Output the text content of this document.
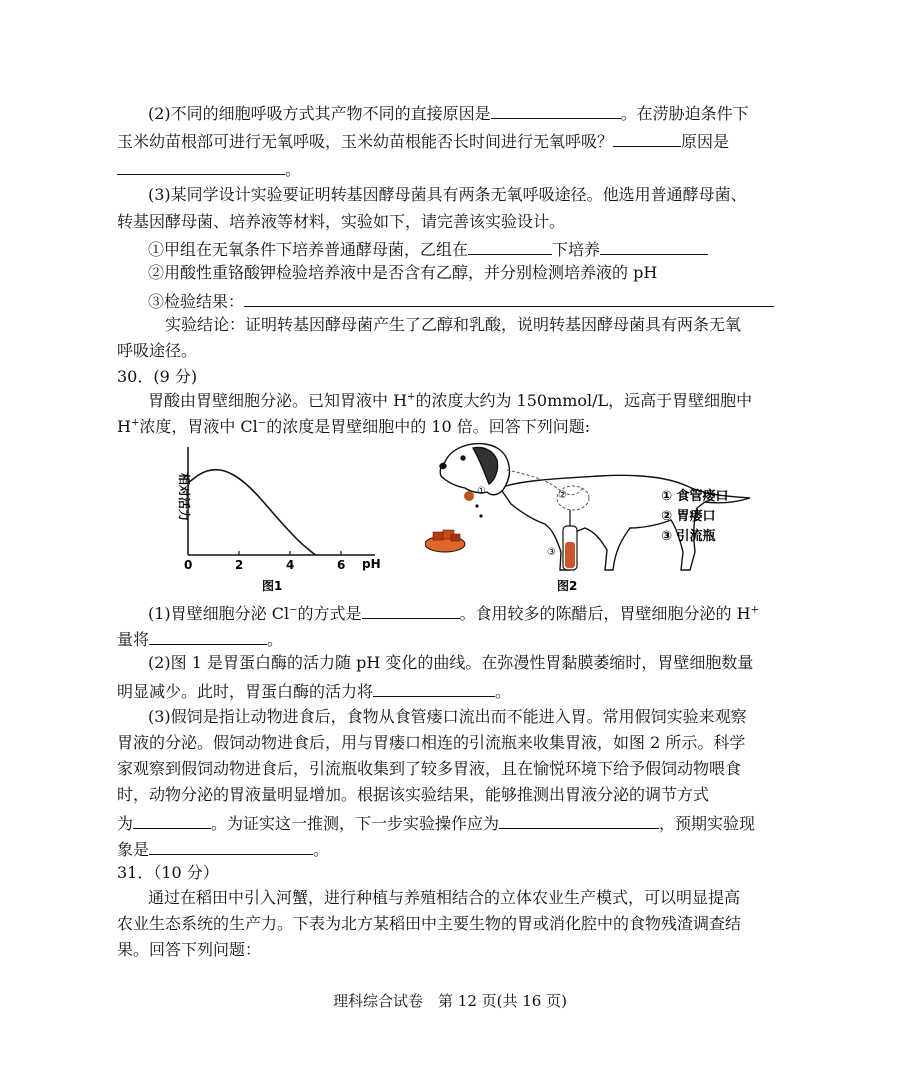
(2)不同的细胞呼吸方式其产物不同的直接原因是	。在涝胁迫条件下
玉米幼苗根部可进行无氧呼吸，玉米幼苗根能否长时间进行无氧呼吸？	原因是
。
(3)某同学设计实验要证明转基因酵母菌具有两条无氧呼吸途径。他选用普通酵母菌、
转基因酵母菌、培养液等材料，实验如下，请完善该实验设计。
①甲组在无氧条件下培养普通酵母菌，乙组在	下培养
②用酸性重铬酸钾检验培养液中是否含有乙醇，并分别检测培养液的 pH
③检验结果：
实验结论：证明转基因酵母菌产生了乙醇和乳酸，说明转基因酵母菌具有两条无氧
呼吸途径。
30．(9 分)
胃酸由胃壁细胞分泌。已知胃液中 H+的浓度大约为 150mmol/L，远高于胃壁细胞中
H+浓度，胃液中 Cl−的浓度是胃壁细胞中的 10 倍。回答下列问题:
相对活力
0	2	4	6 pH
图1
①	②
③
① 食管瘘口
② 胃瘘口
③ 引流瓶
图2
(1)胃壁细胞分泌 Cl−的方式是	。食用较多的陈醋后，胃壁细胞分泌的 H+
量将	。
(2)图 1 是胃蛋白酶的活力随 pH 变化的曲线。在弥漫性胃黏膜萎缩时，胃壁细胞数量
明显减少。此时，胃蛋白酶的活力将	。
(3)假饲是指让动物进食后，食物从食管瘘口流出而不能进入胃。常用假饲实验来观察
胃液的分泌。假饲动物进食后，用与胃瘘口相连的引流瓶来收集胃液，如图 2 所示。科学
家观察到假饲动物进食后，引流瓶收集到了较多胃液，且在愉悦环境下给予假饲动物喂食
时，动物分泌的胃液量明显增加。根据该实验结果，能够推测出胃液分泌的调节方式
为	。为证实这一推测，下一步实验操作应为	，预期实验现
象是	。
31．（10 分）
通过在稻田中引入河蟹，进行种植与养殖相结合的立体农业生产模式，可以明显提高
农业生态系统的生产力。下表为北方某稻田中主要生物的胃或消化腔中的食物残渣调查结
果。回答下列问题：
理科综合试卷　第 12 页(共 16 页)
